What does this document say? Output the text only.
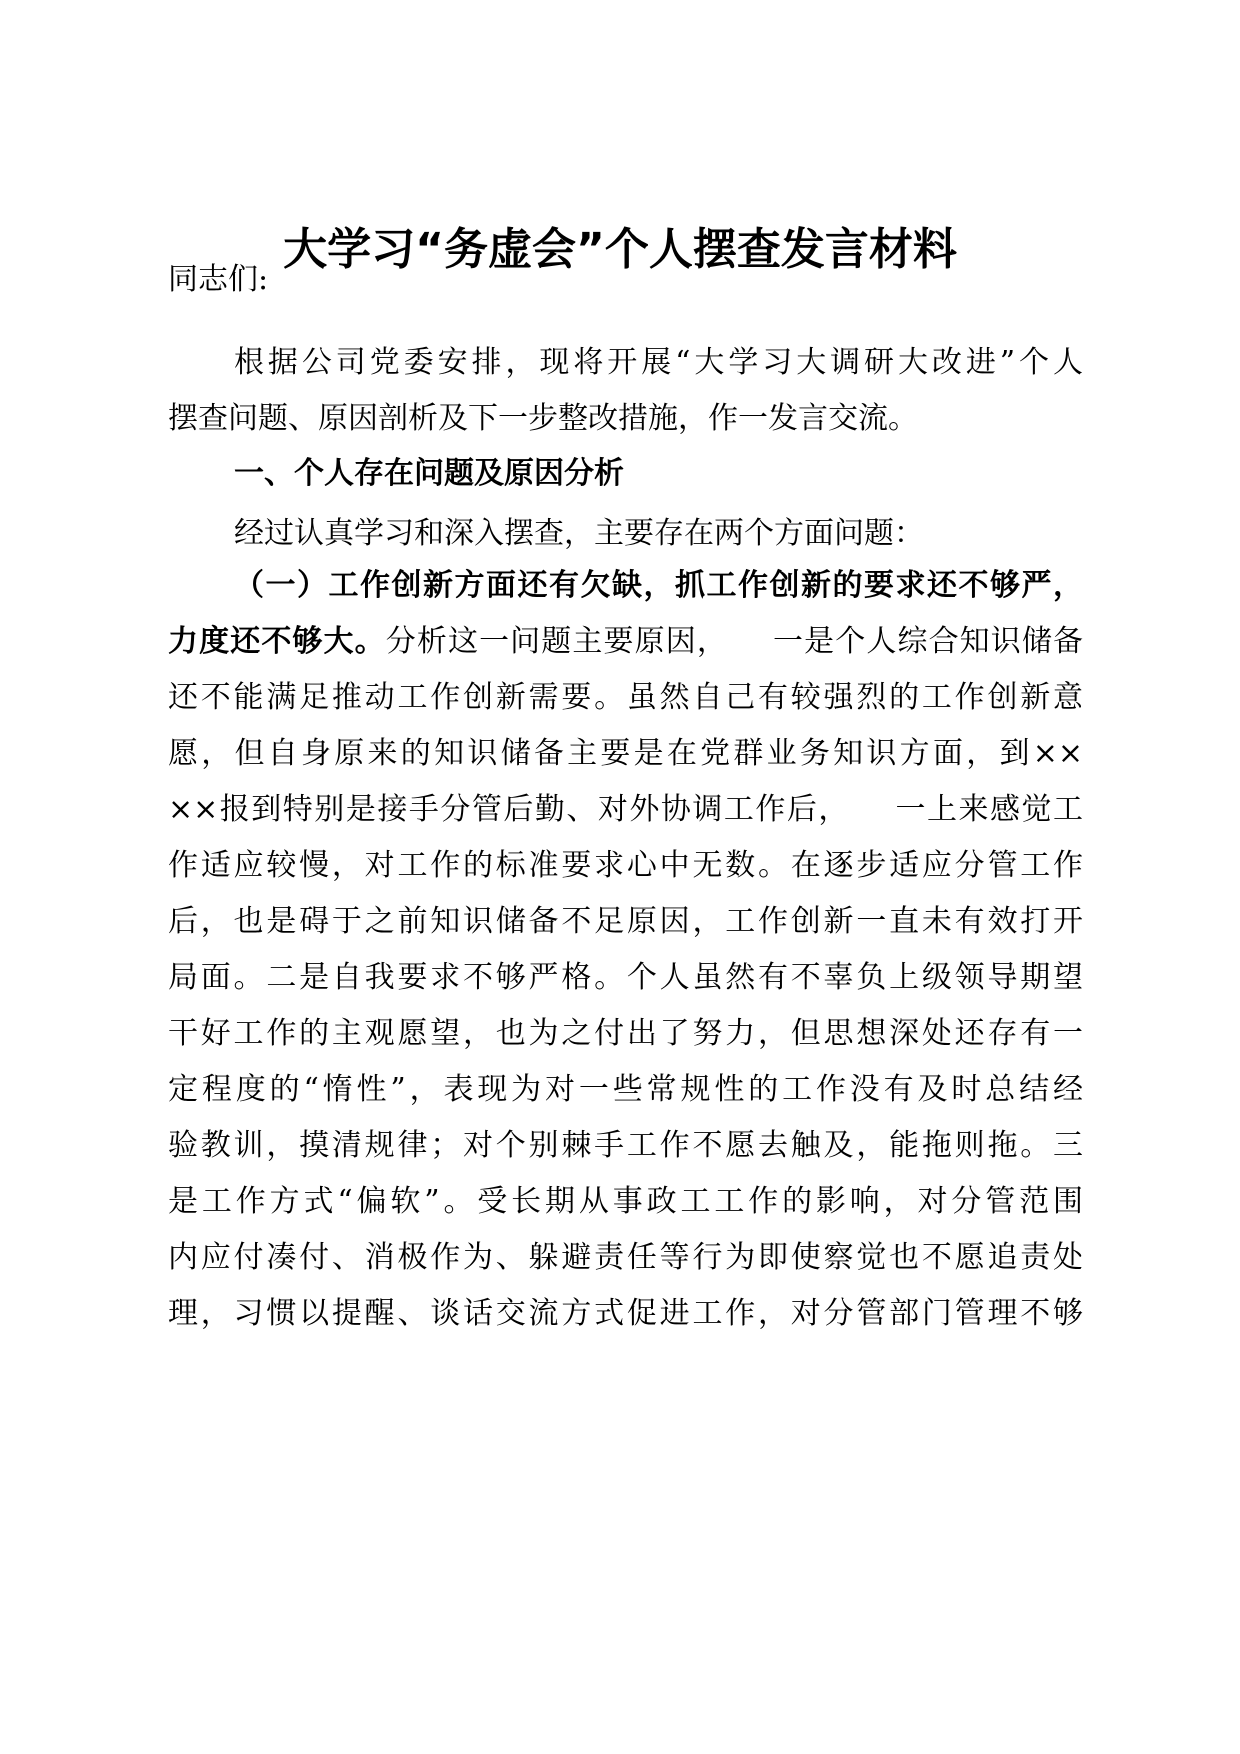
大学习“务虚会”个人摆查发言材料
同志们:
根据公司党委安排，现将开展“大学习大调研大改进”个人
摆查问题、原因剖析及下一步整改措施，作一发言交流。
一、个人存在问题及原因分析
经过认真学习和深入摆查，主要存在两个方面问题：
（一）工作创新方面还有欠缺，抓工作创新的要求还不够严，
力度还不够大。分析这一问题主要原因， 一是个人综合知识储备
还不能满足推动工作创新需要。虽然自己有较强烈的工作创新意
愿，但自身原来的知识储备主要是在党群业务知识方面，到××
××报到特别是接手分管后勤、对外协调工作后， 一上来感觉工
作适应较慢，对工作的标准要求心中无数。在逐步适应分管工作
后，也是碍于之前知识储备不足原因，工作创新一直未有效打开
局面。二是自我要求不够严格。个人虽然有不辜负上级领导期望
干好工作的主观愿望，也为之付出了努力，但思想深处还存有一
定程度的“惰性”，表现为对一些常规性的工作没有及时总结经
验教训，摸清规律；对个别棘手工作不愿去触及，能拖则拖。三
是工作方式“偏软”。受长期从事政工工作的影响，对分管范围
内应付凑付、消极作为、躲避责任等行为即使察觉也不愿追责处
理，习惯以提醒、谈话交流方式促进工作，对分管部门管理不够
